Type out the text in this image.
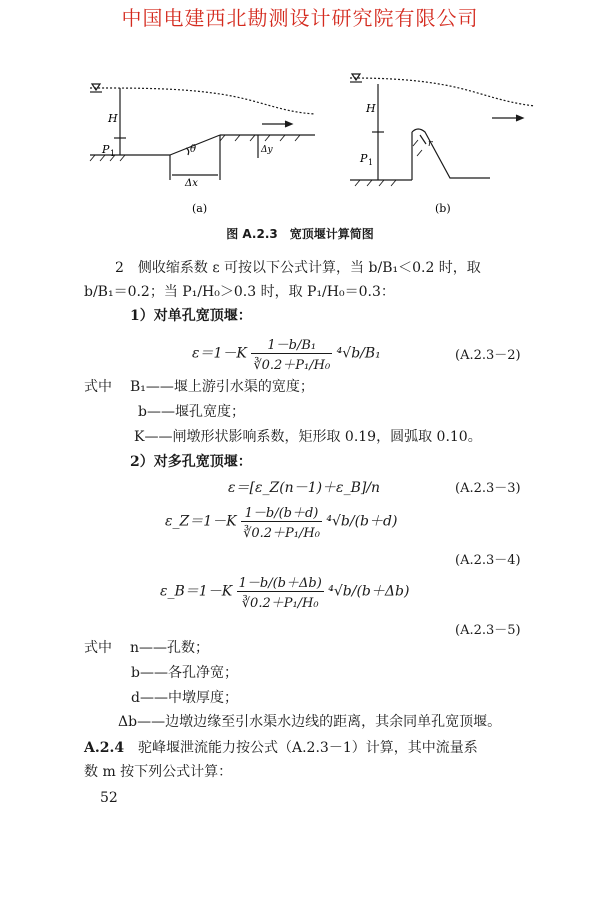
中国电建西北勘测设计研究院有限公司
H
P 1	θ
Δx
Δy
(a)
H
P 1
r
(b)
图 A.2.3　宽顶堰计算简图
2　侧收缩系数 ε 可按以下公式计算，当 b/B₁＜0.2 时，取
b/B₁＝0.2；当 P₁/H₀＞0.3 时，取 P₁/H₀＝0.3：
1）对单孔宽顶堰：
$\varepsilon=1-K \frac{\text{1－b/B₁}}{\text{∛0.2＋P₁/H₀}} ^4√b/B_1$	(A.2.3－2)
式中 B₁——堰上游引水渠的宽度；
b——堰孔宽度；
K——闸墩形状影响系数，矩形取 0.19，圆弧取 0.10。
2）对多孔宽顶堰：
ε＝[ε_Z(n－1)＋ε_B]/n	(A.2.3－3)
ε_Z＝1－K $\frac{1-b/(b+d)}{\text{∛0.2＋P₁/H₀}} ^4√b/(b+d)$
(A.2.3－4)
ε_B＝1－K $\frac{1-b/(b+\Delta b)}{\text{∛0.2＋P₁/H₀}} ^4√b/(b+\Delta b)$
(A.2.3－5)
式中 n——孔数；
b——各孔净宽；
d——中墩厚度；
Δb——边墩边缘至引水渠水边线的距离，其余同单孔宽顶堰。
A.2.4 驼峰堰泄流能力按公式（A.2.3－1）计算，其中流量系
数 m 按下列公式计算：
52
